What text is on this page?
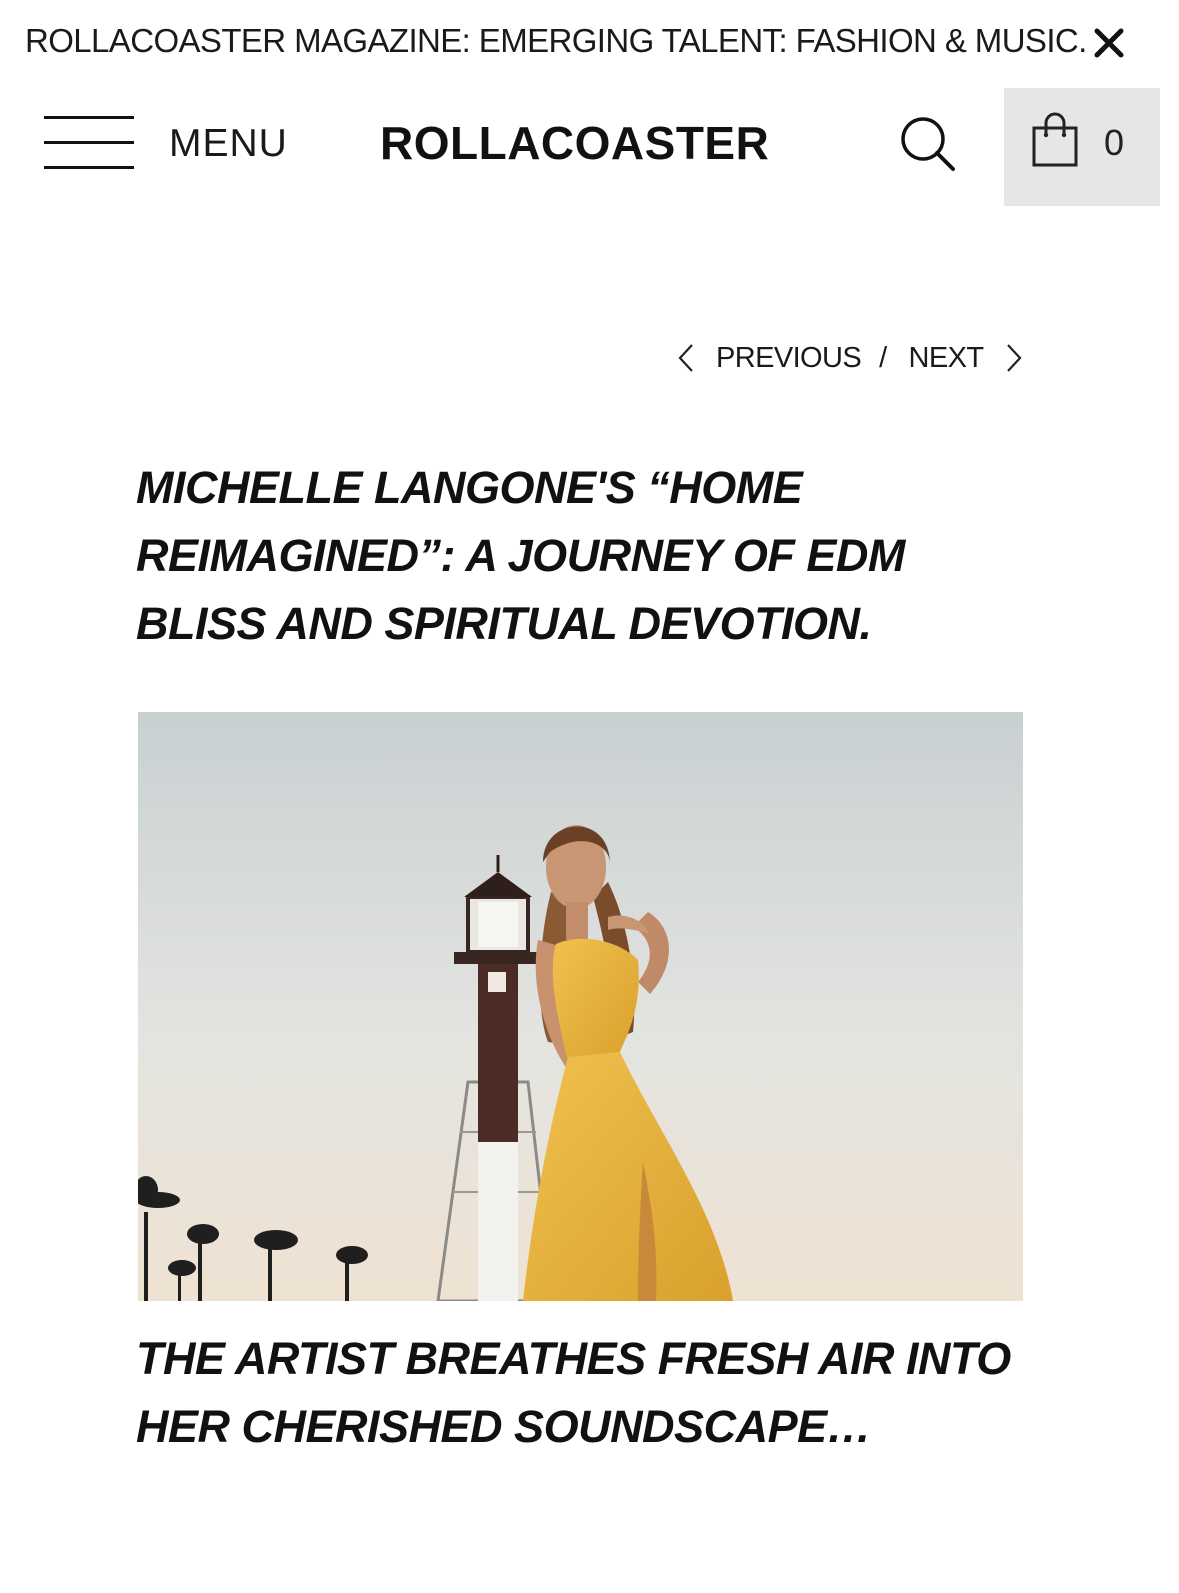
ROLLACOASTER MAGAZINE: EMERGING TALENT: FASHION & MUSIC.
MENU ROLLACOASTER	0
PREVIOUS / NEXT
MICHELLE LANGONE'S “HOME REIMAGINED”: A JOURNEY OF EDM BLISS AND SPIRITUAL DEVOTION.
THE ARTIST BREATHES FRESH AIR INTO HER CHERISHED SOUNDSCAPE…
